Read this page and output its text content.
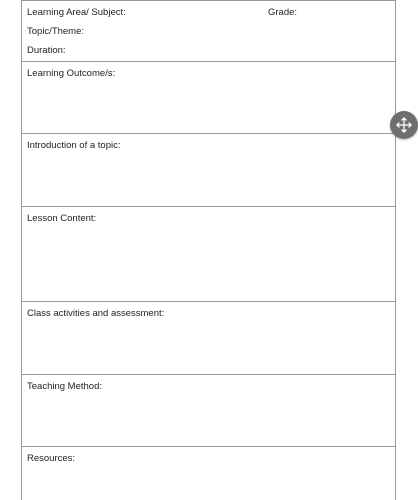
Learning Area/ Subject:	Grade:
Topic/Theme:
Duration:
Learning Outcome/s:
Introduction of a topic:
Lesson Content:
Class activities and assessment:
Teaching Method:
Resources:
